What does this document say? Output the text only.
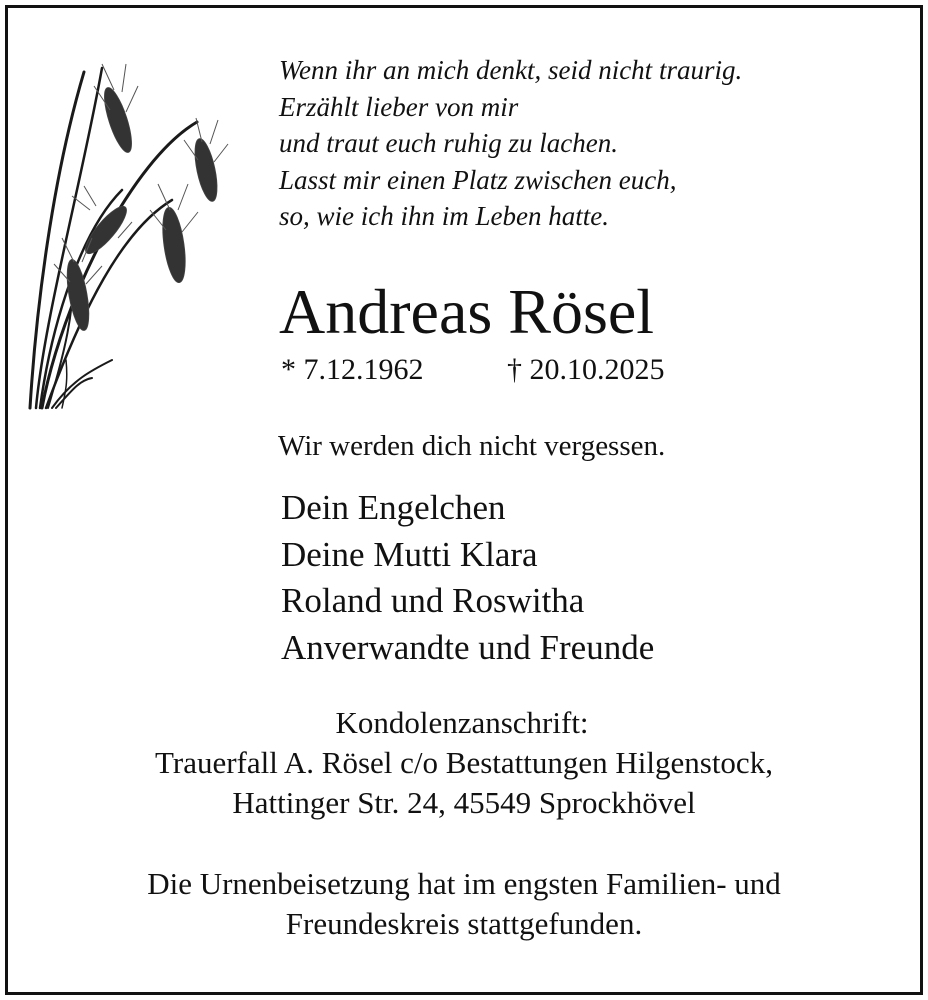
Wenn ihr an mich denkt, seid nicht traurig.
Erzählt lieber von mir
und traut euch ruhig zu lachen.
Lasst mir einen Platz zwischen euch,
so, wie ich ihn im Leben hatte.
Andreas Rösel
* 7.12.1962	† 20.10.2025
Wir werden dich nicht vergessen.
Dein Engelchen
Deine Mutti Klara
Roland und Roswitha
Anverwandte und Freunde
Kondolenzanschrift:
Trauerfall A. Rösel c/o Bestattungen Hilgenstock,
Hattinger Str. 24, 45549 Sprockhövel
Die Urnenbeisetzung hat im engsten Familien- und
Freundeskreis stattgefunden.
